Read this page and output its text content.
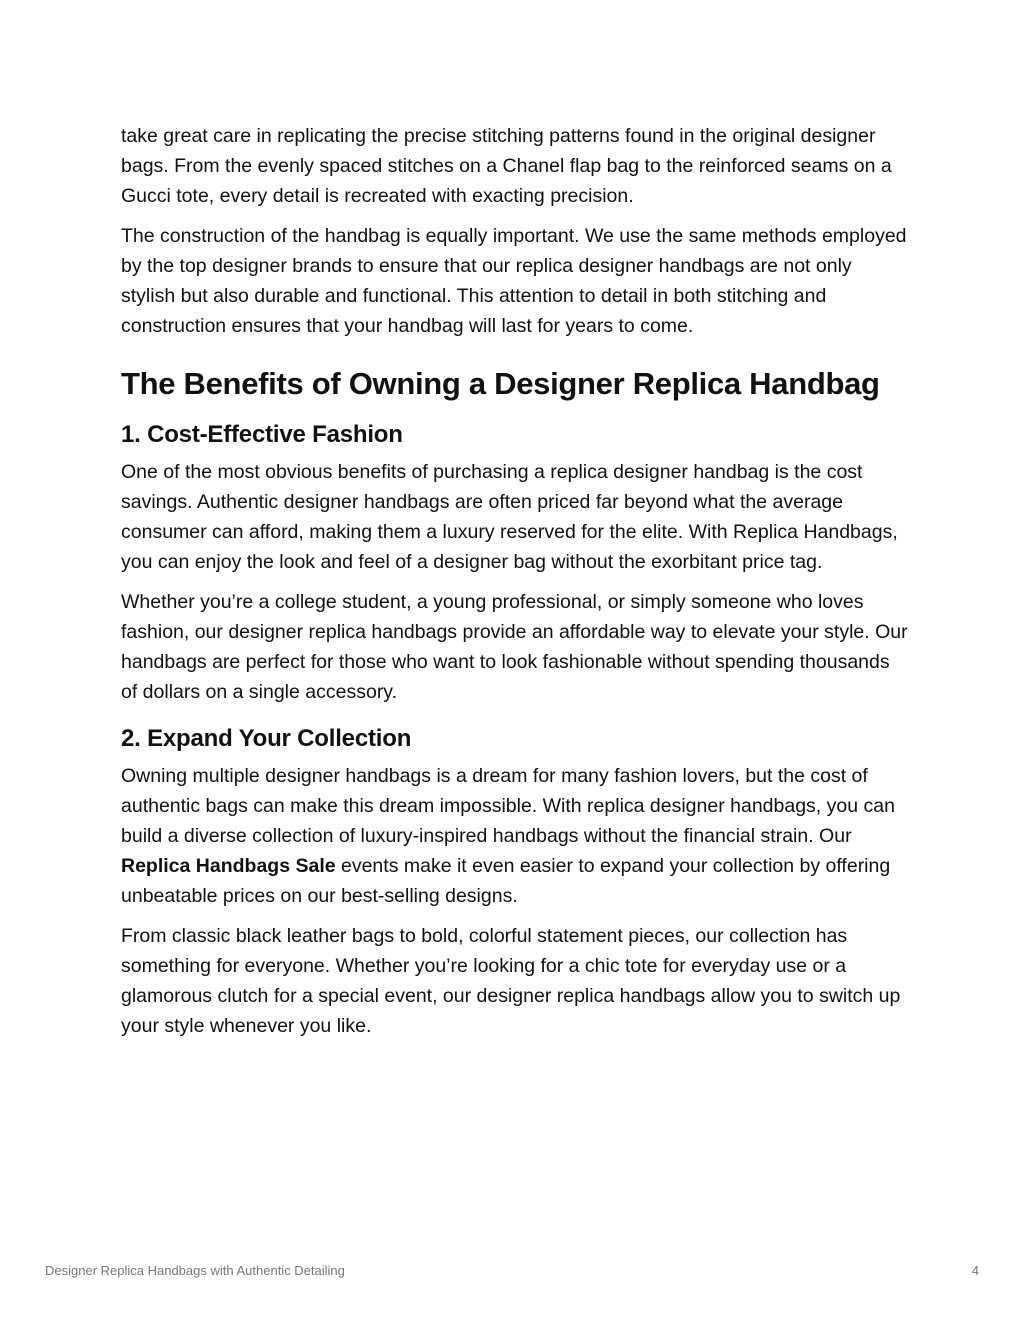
take great care in replicating the precise stitching patterns found in the original designer bags. From the evenly spaced stitches on a Chanel flap bag to the reinforced seams on a Gucci tote, every detail is recreated with exacting precision.

The construction of the handbag is equally important. We use the same methods employed by the top designer brands to ensure that our replica designer handbags are not only stylish but also durable and functional. This attention to detail in both stitching and construction ensures that your handbag will last for years to come.

The Benefits of Owning a Designer Replica Handbag
1. Cost-Effective Fashion

One of the most obvious benefits of purchasing a replica designer handbag is the cost savings. Authentic designer handbags are often priced far beyond what the average consumer can afford, making them a luxury reserved for the elite. With Replica Handbags, you can enjoy the look and feel of a designer bag without the exorbitant price tag.

Whether you’re a college student, a young professional, or simply someone who loves fashion, our designer replica handbags provide an affordable way to elevate your style. Our handbags are perfect for those who want to look fashionable without spending thousands of dollars on a single accessory.

2. Expand Your Collection

Owning multiple designer handbags is a dream for many fashion lovers, but the cost of authentic bags can make this dream impossible. With replica designer handbags, you can build a diverse collection of luxury-inspired handbags without the financial strain. Our Replica Handbags Sale events make it even easier to expand your collection by offering unbeatable prices on our best-selling designs.

From classic black leather bags to bold, colorful statement pieces, our collection has something for everyone. Whether you’re looking for a chic tote for everyday use or a glamorous clutch for a special event, our designer replica handbags allow you to switch up your style whenever you like.

Designer Replica Handbags with Authentic Detailing	4
